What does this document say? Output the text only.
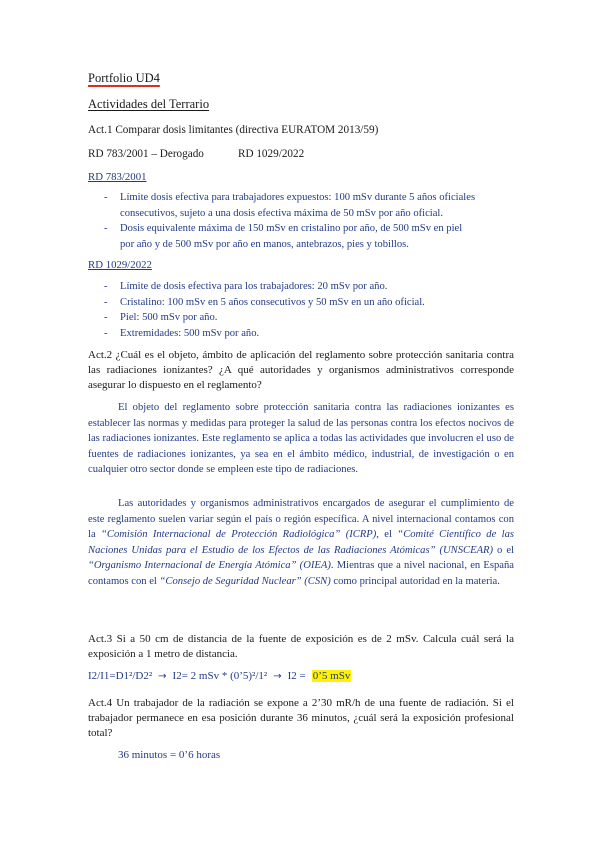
Portfolio UD4

Actividades del Terrario

Act.1 Comparar dosis limitantes (directiva EURATOM 2013/59)

RD 783/2001 – Derogado	RD 1029/2022

RD 783/2001

- Límite dosis efectiva para trabajadores expuestos: 100 mSv durante 5 años oficiales
consecutivos, sujeto a una dosis efectiva máxima de 50 mSv por año oficial.
- Dosis equivalente máxima de 150 mSv en cristalino por año, de 500 mSv en piel
por año y de 500 mSv por año en manos, antebrazos, pies y tobillos.

RD 1029/2022

- Límite de dosis efectiva para los trabajadores: 20 mSv por año.
- Cristalino: 100 mSv en 5 años consecutivos y 50 mSv en un año oficial.
- Piel: 500 mSv por año.
- Extremidades: 500 mSv por año.

Act.2 ¿Cuál es el objeto, ámbito de aplicación del reglamento sobre protección sanitaria contra las radiaciones ionizantes? ¿A qué autoridades y organismos administrativos corresponde asegurar lo dispuesto en el reglamento?

El objeto del reglamento sobre protección sanitaria contra las radiaciones ionizantes es establecer las normas y medidas para proteger la salud de las personas contra los efectos nocivos de las radiaciones ionizantes. Este reglamento se aplica a todas las actividades que involucren el uso de fuentes de radiaciones ionizantes, ya sea en el ámbito médico, industrial, de investigación o en cualquier otro sector donde se empleen este tipo de radiaciones.

Las autoridades y organismos administrativos encargados de asegurar el cumplimiento de este reglamento suelen variar según el país o región específica. A nivel internacional contamos con la “Comisión Internacional de Protección Radiológica” (ICRP), el “Comité Científico de las Naciones Unidas para el Estudio de los Efectos de las Radiaciones Atómicas” (UNSCEAR) o el “Organismo Internacional de Energía Atómica” (OIEA). Mientras que a nivel nacional, en España contamos con el “Consejo de Seguridad Nuclear” (CSN) como principal autoridad en la materia.

Act.3 Si a 50 cm de distancia de la fuente de exposición es de 2 mSv. Calcula cuál será la exposición a 1 metro de distancia.

I2/I1=D1²/D2² → I2= 2 mSv * (0’5)²/1² → I2 = 0’5 mSv

Act.4 Un trabajador de la radiación se expone a 2’30 mR/h de una fuente de radiación. Si el trabajador permanece en esa posición durante 36 minutos, ¿cuál será la exposición profesional total?

36 minutos = 0’6 horas
